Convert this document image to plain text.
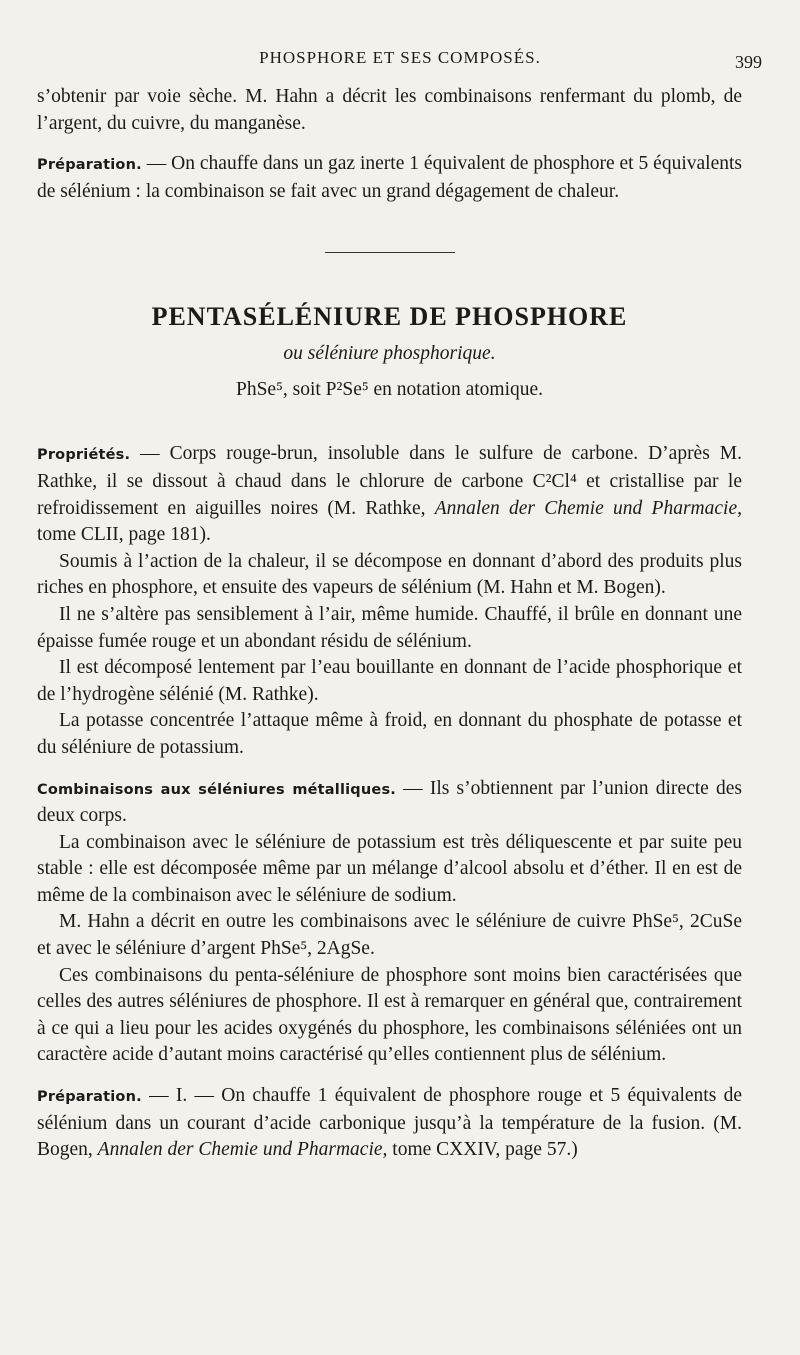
PHOSPHORE ET SES COMPOSÉS.	399

s’obtenir par voie sèche. M. Hahn a décrit les combinaisons renfermant du plomb, de l’argent, du cuivre, du manganèse.

Préparation. — On chauffe dans un gaz inerte 1 équivalent de phosphore et 5 équivalents de sélénium : la combinaison se fait avec un grand dégagement de chaleur.

PENTASÉLÉNIURE DE PHOSPHORE
ou séléniure phosphorique.
PhSe⁵, soit P²Se⁵ en notation atomique.

Propriétés. — Corps rouge-brun, insoluble dans le sulfure de carbone. D’après M. Rathke, il se dissout à chaud dans le chlorure de carbone C²Cl⁴ et cristallise par le refroidissement en aiguilles noires (M. Rathke, Annalen der Chemie und Pharmacie, tome CLII, page 181).

Soumis à l’action de la chaleur, il se décompose en donnant d’abord des produits plus riches en phosphore, et ensuite des vapeurs de sélénium (M. Hahn et M. Bogen).

Il ne s’altère pas sensiblement à l’air, même humide. Chauffé, il brûle en donnant une épaisse fumée rouge et un abondant résidu de sélénium.

Il est décomposé lentement par l’eau bouillante en donnant de l’acide phosphorique et de l’hydrogène sélénié (M. Rathke).

La potasse concentrée l’attaque même à froid, en donnant du phosphate de potasse et du séléniure de potassium.

Combinaisons aux séléniures métalliques. — Ils s’obtiennent par l’union directe des deux corps.

La combinaison avec le séléniure de potassium est très déliquescente et par suite peu stable : elle est décomposée même par un mélange d’alcool absolu et d’éther. Il en est de même de la combinaison avec le séléniure de sodium.

M. Hahn a décrit en outre les combinaisons avec le séléniure de cuivre PhSe⁵, 2CuSe et avec le séléniure d’argent PhSe⁵, 2AgSe.

Ces combinaisons du penta-séléniure de phosphore sont moins bien caractérisées que celles des autres séléniures de phosphore. Il est à remarquer en général que, contrairement à ce qui a lieu pour les acides oxygénés du phosphore, les combinaisons séléniées ont un caractère acide d’autant moins caractérisé qu’elles contiennent plus de sélénium.

Préparation. — I. — On chauffe 1 équivalent de phosphore rouge et 5 équivalents de sélénium dans un courant d’acide carbonique jusqu’à la température de la fusion. (M. Bogen, Annalen der Chemie und Pharmacie, tome CXXIV, page 57.)
